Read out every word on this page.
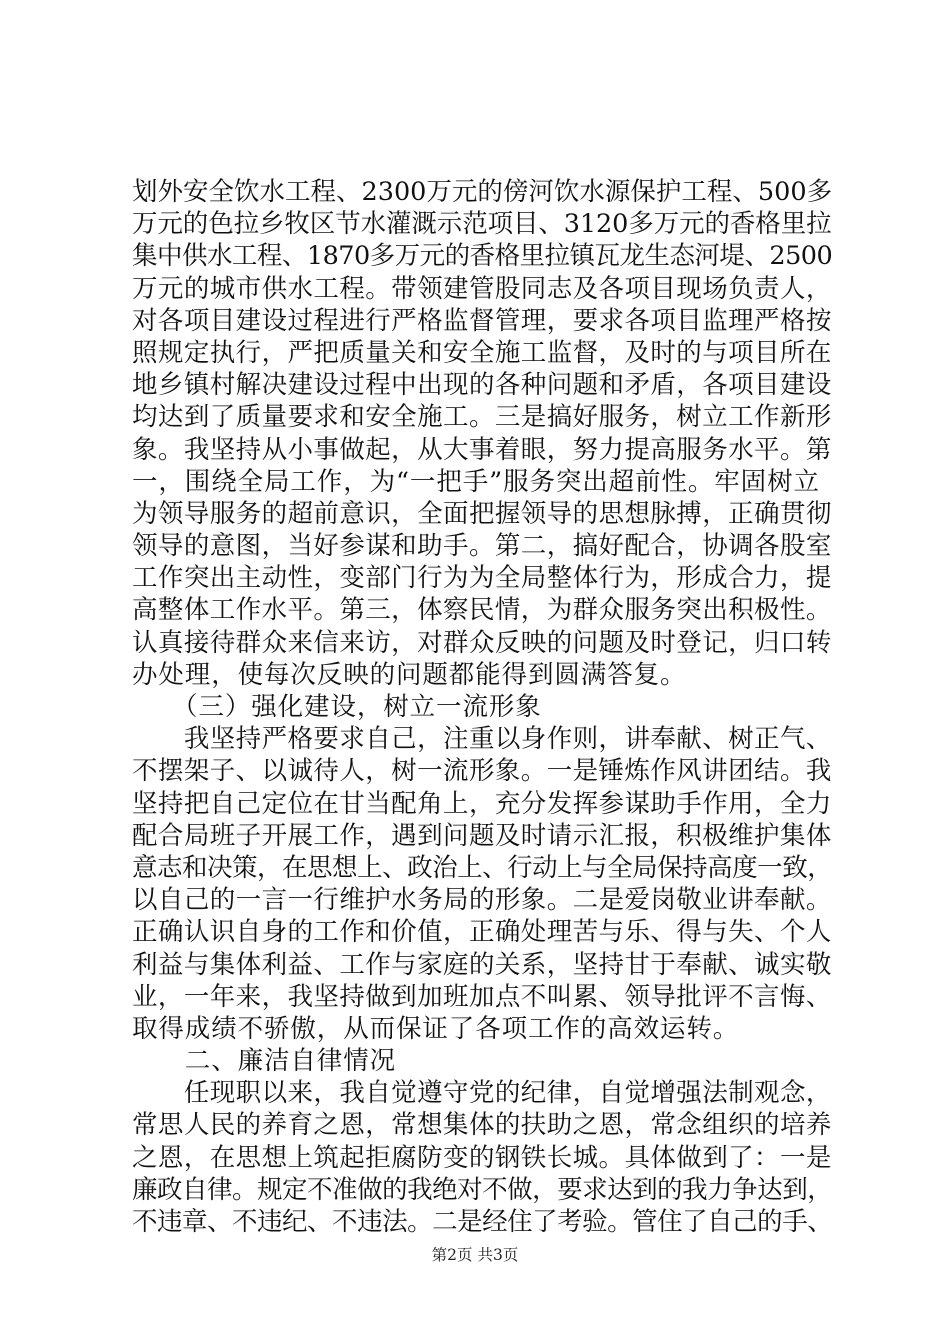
划外安全饮水工程、2300万元的傍河饮水源保护工程、500多
万元的色拉乡牧区节水灌溉示范项目、3120多万元的香格里拉
集中供水工程、1870多万元的香格里拉镇瓦龙生态河堤、2500
万元的城市供水工程。带领建管股同志及各项目现场负责人，
对各项目建设过程进行严格监督管理，要求各项目监理严格按
照规定执行，严把质量关和安全施工监督，及时的与项目所在
地乡镇村解决建设过程中出现的各种问题和矛盾，各项目建设
均达到了质量要求和安全施工。三是搞好服务，树立工作新形
象。我坚持从小事做起，从大事着眼，努力提高服务水平。第
一，围绕全局工作，为“一把手”服务突出超前性。牢固树立
为领导服务的超前意识，全面把握领导的思想脉搏，正确贯彻
领导的意图，当好参谋和助手。第二，搞好配合，协调各股室
工作突出主动性，变部门行为为全局整体行为，形成合力，提
高整体工作水平。第三，体察民情，为群众服务突出积极性。
认真接待群众来信来访，对群众反映的问题及时登记，归口转
办处理，使每次反映的问题都能得到圆满答复。
　　（三）强化建设，树立一流形象
　　我坚持严格要求自己，注重以身作则，讲奉献、树正气、
不摆架子、以诚待人，树一流形象。一是锤炼作风讲团结。我
坚持把自己定位在甘当配角上，充分发挥参谋助手作用，全力
配合局班子开展工作，遇到问题及时请示汇报，积极维护集体
意志和决策，在思想上、政治上、行动上与全局保持高度一致，
以自己的一言一行维护水务局的形象。二是爱岗敬业讲奉献。
正确认识自身的工作和价值，正确处理苦与乐、得与失、个人
利益与集体利益、工作与家庭的关系，坚持甘于奉献、诚实敬
业，一年来，我坚持做到加班加点不叫累、领导批评不言悔、
取得成绩不骄傲，从而保证了各项工作的高效运转。
　　二、廉洁自律情况
　　任现职以来，我自觉遵守党的纪律，自觉增强法制观念，
常思人民的养育之恩，常想集体的扶助之恩，常念组织的培养
之恩，在思想上筑起拒腐防变的钢铁长城。具体做到了：一是
廉政自律。规定不准做的我绝对不做，要求达到的我力争达到，
不违章、不违纪、不违法。二是经住了考验。管住了自己的手、
第2页 共3页
